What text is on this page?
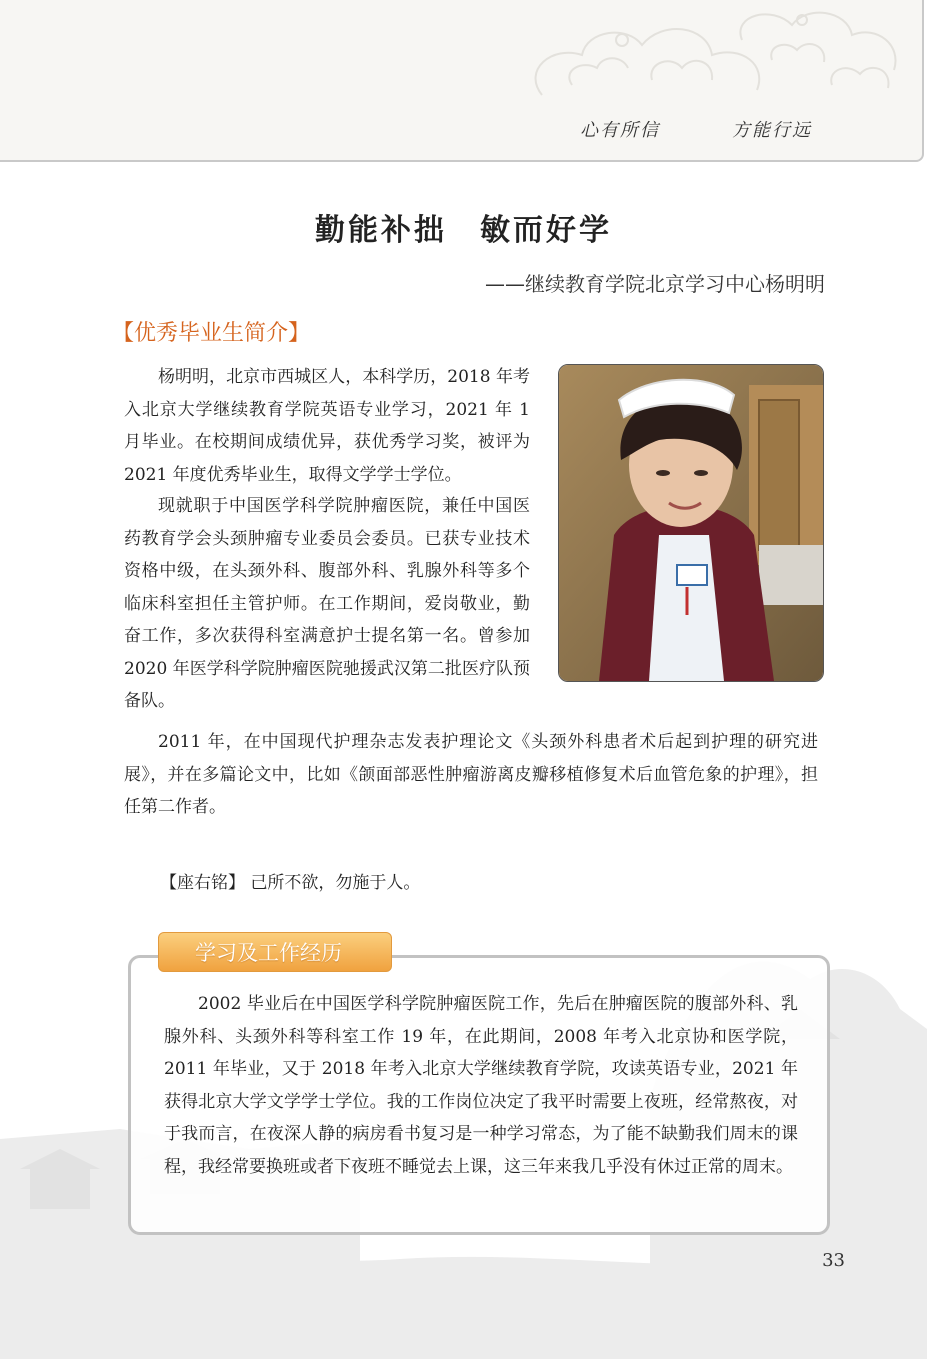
心有所信	方能行远
勤能补拙　敏而好学
——继续教育学院北京学习中心杨明明
【优秀毕业生简介】

杨明明，北京市西城区人，本科学历，2018 年考入北京大学继续教育学院英语专业学习，2021 年 1 月毕业。在校期间成绩优异，获优秀学习奖，被评为 2021 年度优秀毕业生，取得文学学士学位。

现就职于中国医学科学院肿瘤医院，兼任中国医药教育学会头颈肿瘤专业委员会委员。已获专业技术资格中级，在头颈外科、腹部外科、乳腺外科等多个临床科室担任主管护师。在工作期间，爱岗敬业，勤奋工作，多次获得科室满意护士提名第一名。曾参加 2020 年医学科学院肿瘤医院驰援武汉第二批医疗队预备队。

2011 年，在中国现代护理杂志发表护理论文《头颈外科患者术后起到护理的研究进展》，并在多篇论文中，比如《颌面部恶性肿瘤游离皮瓣移植修复术后血管危象的护理》，担任第二作者。

【座右铭】 己所不欲，勿施于人。
学习及工作经历

2002 毕业后在中国医学科学院肿瘤医院工作，先后在肿瘤医院的腹部外科、乳腺外科、头颈外科等科室工作 19 年，在此期间，2008 年考入北京协和医学院，2011 年毕业，又于 2018 年考入北京大学继续教育学院，攻读英语专业，2021 年获得北京大学文学学士学位。我的工作岗位决定了我平时需要上夜班，经常熬夜，对于我而言，在夜深人静的病房看书复习是一种学习常态，为了能不缺勤我们周末的课程，我经常要换班或者下夜班不睡觉去上课，这三年来我几乎没有休过正常的周末。

33
